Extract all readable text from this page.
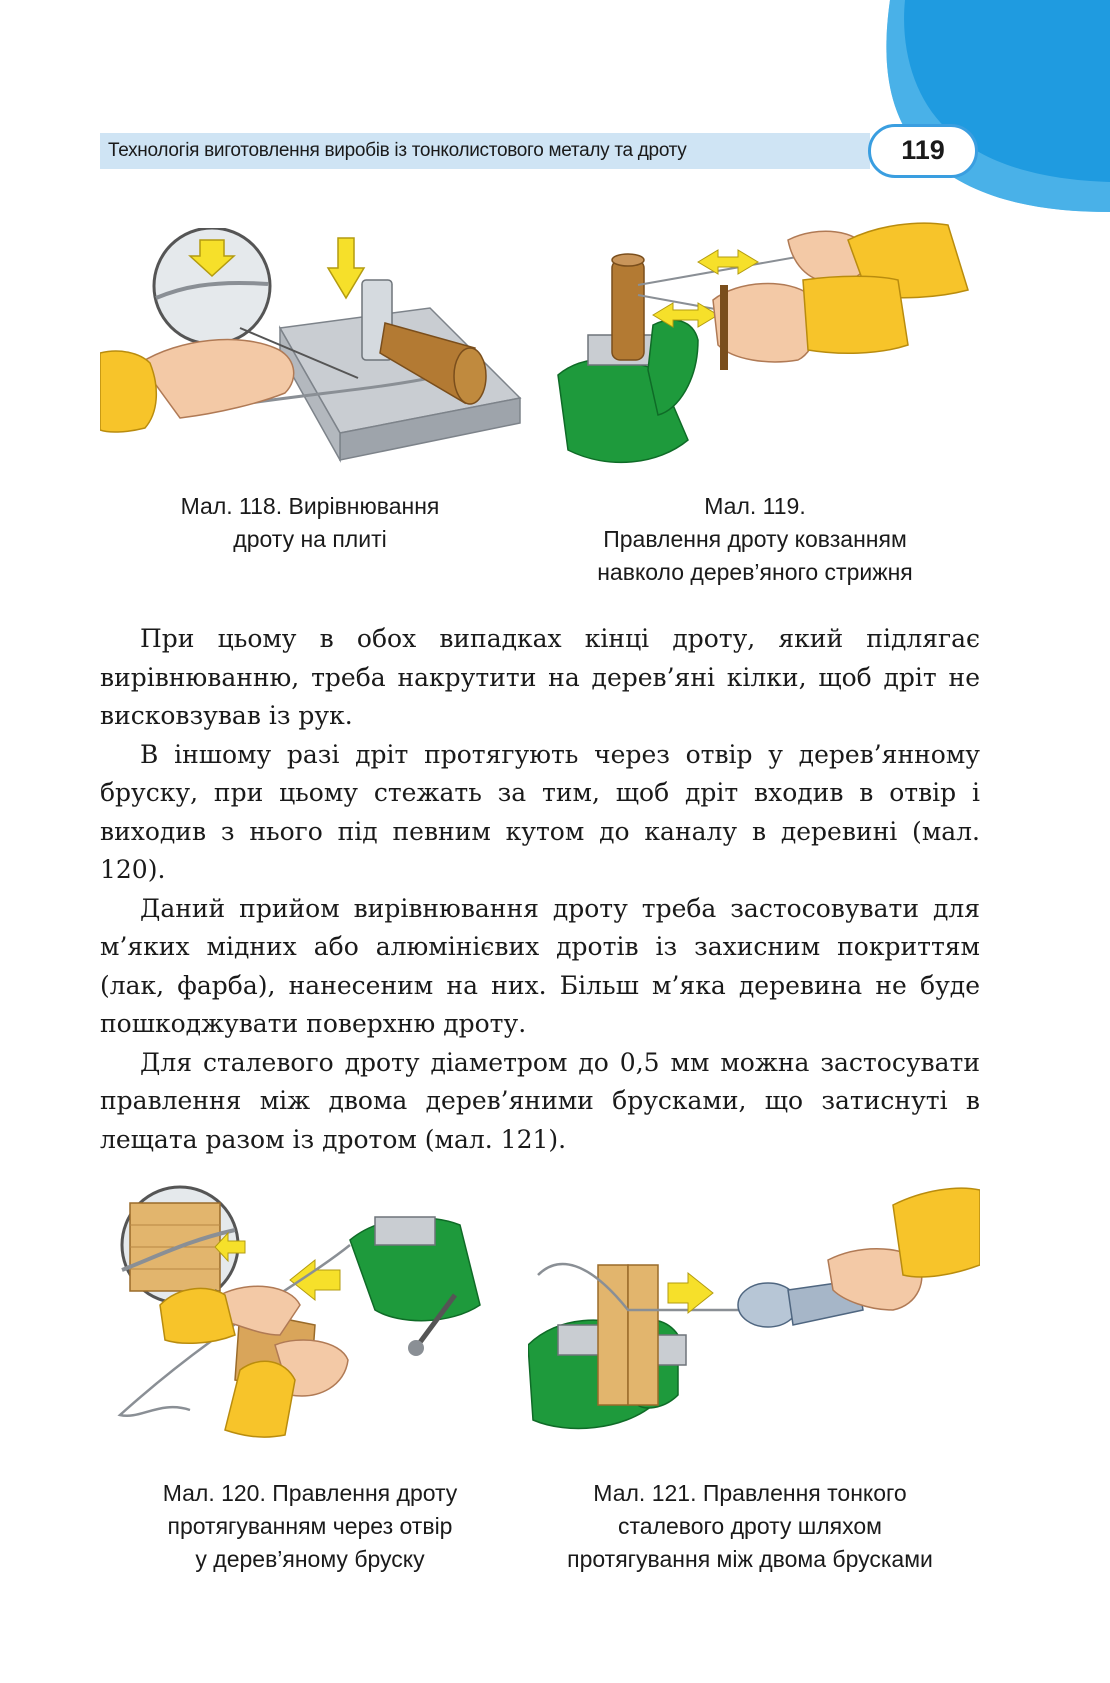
Технологія виготовлення виробів із тонколистового металу та дроту	119
Мал. 118. Вирівнювання
дроту на плиті
Мал. 119.
Правлення дроту ковзанням
навколо дерев’яного стрижня

При цьому в обох випадках кінці дроту, який підлягає вирівнюванню, треба накрутити на дерев’яні кілки, щоб дріт не висковзував із рук.

В іншому разі дріт протягують через отвір у дерев’янному бруску, при цьому стежать за тим, щоб дріт входив в отвір і виходив з нього під певним кутом до каналу в деревині (мал. 120).

Даний прийом вирівнювання дроту треба застосовувати для м’яких мідних або алюмінієвих дротів із захисним покриттям (лак, фарба), нанесеним на них. Більш м’яка деревина не буде пошкоджувати поверхню дроту.

Для сталевого дроту діаметром до 0,5 мм можна застосувати правлення між двома дерев’яними брусками, що затиснуті в лещата разом із дротом (мал. 121).

Мал. 120. Правлення дроту
протягуванням через отвір
у дерев’яному бруску
Мал. 121. Правлення тонкого
сталевого дроту шляхом
протягування між двома брусками
